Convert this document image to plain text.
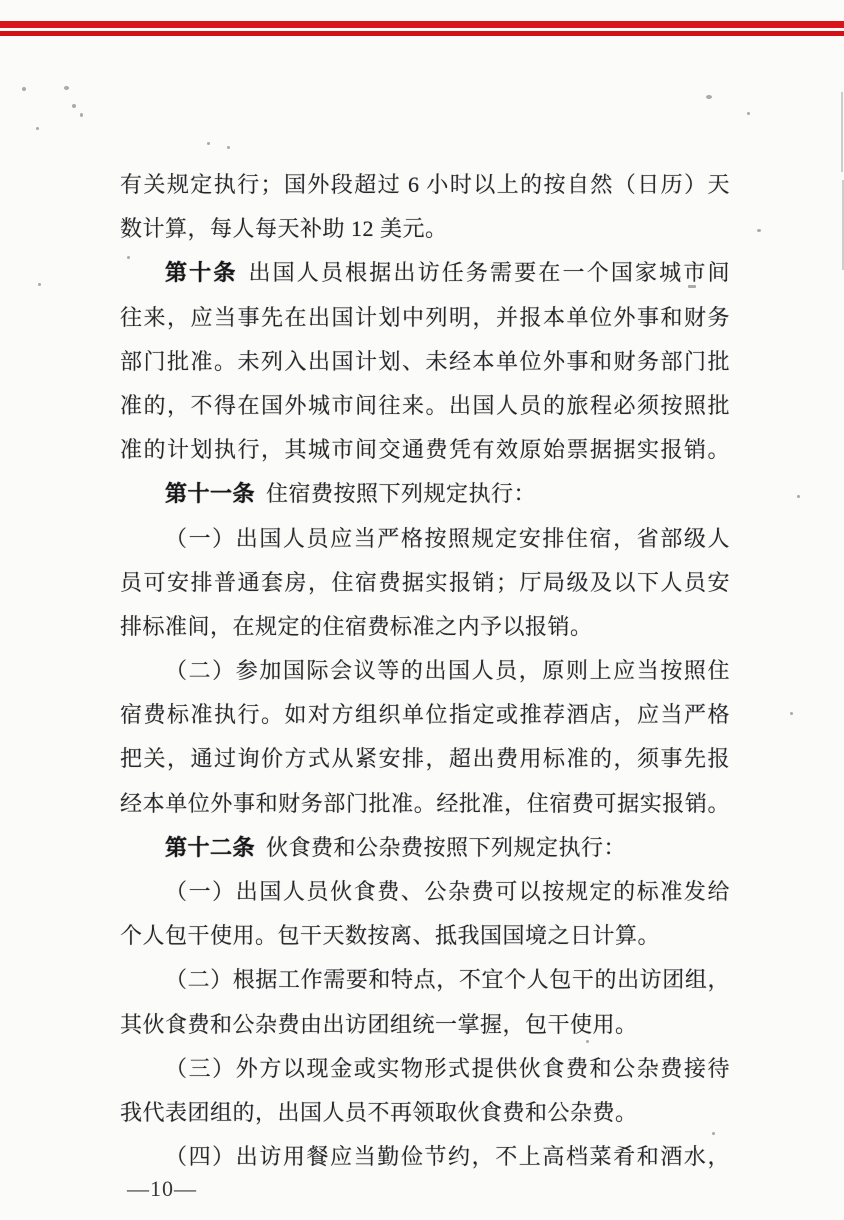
有关规定执行；国外段超过 6 小时以上的按自然（日历）天
数计算，每人每天补助 12 美元。
第十条 出国人员根据出访任务需要在一个国家城市间
往来，应当事先在出国计划中列明，并报本单位外事和财务
部门批准。未列入出国计划、未经本单位外事和财务部门批
准的，不得在国外城市间往来。出国人员的旅程必须按照批
准的计划执行，其城市间交通费凭有效原始票据据实报销。
第十一条 住宿费按照下列规定执行：
（一）出国人员应当严格按照规定安排住宿，省部级人
员可安排普通套房，住宿费据实报销；厅局级及以下人员安
排标准间，在规定的住宿费标准之内予以报销。
（二）参加国际会议等的出国人员，原则上应当按照住
宿费标准执行。如对方组织单位指定或推荐酒店，应当严格
把关，通过询价方式从紧安排，超出费用标准的，须事先报
经本单位外事和财务部门批准。经批准，住宿费可据实报销。
第十二条 伙食费和公杂费按照下列规定执行：
（一）出国人员伙食费、公杂费可以按规定的标准发给
个人包干使用。包干天数按离、抵我国国境之日计算。
（二）根据工作需要和特点，不宜个人包干的出访团组，
其伙食费和公杂费由出访团组统一掌握，包干使用。
（三）外方以现金或实物形式提供伙食费和公杂费接待
我代表团组的，出国人员不再领取伙食费和公杂费。
（四）出访用餐应当勤俭节约，不上高档菜肴和酒水，
—10—
